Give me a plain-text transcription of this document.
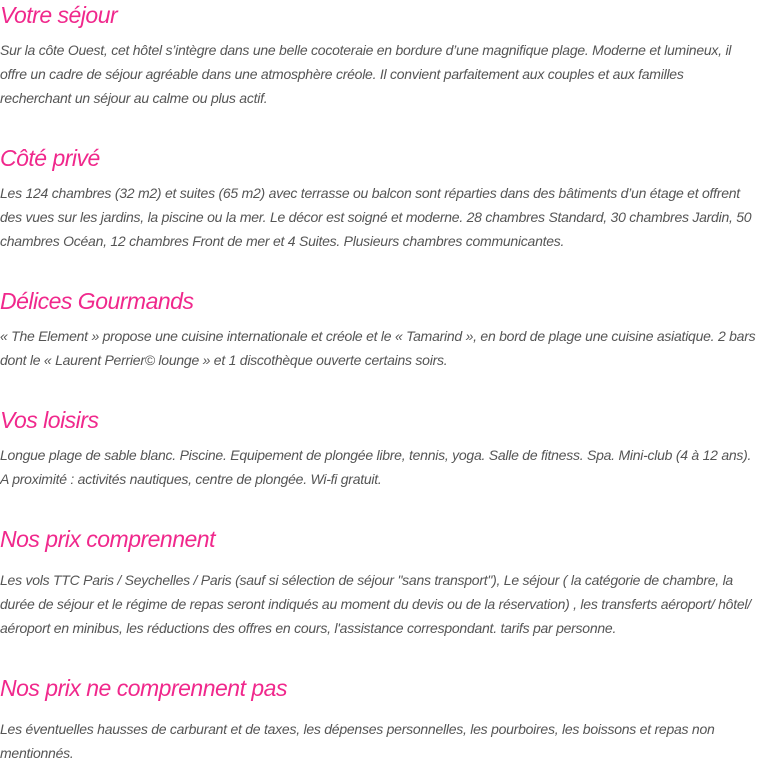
Votre séjour

Sur la côte Ouest, cet hôtel s’intègre dans une belle cocoteraie en bordure d’une magnifique plage. Moderne et lumineux, il offre un cadre de séjour agréable dans une atmosphère créole. Il convient parfaitement aux couples et aux familles recherchant un séjour au calme ou plus actif.

Côté privé

Les 124 chambres (32 m2) et suites (65 m2) avec terrasse ou balcon sont réparties dans des bâtiments d’un étage et offrent des vues sur les jardins, la piscine ou la mer. Le décor est soigné et moderne. 28 chambres Standard, 30 chambres Jardin, 50 chambres Océan, 12 chambres Front de mer et 4 Suites. Plusieurs chambres communicantes.

Délices Gourmands

« The Element » propose une cuisine internationale et créole et le « Tamarind », en bord de plage une cuisine asiatique. 2 bars dont le « Laurent Perrier© lounge » et 1 discothèque ouverte certains soirs.

Vos loisirs

Longue plage de sable blanc. Piscine. Equipement de plongée libre, tennis, yoga. Salle de fitness. Spa. Mini-club (4 à 12 ans). A proximité : activités nautiques, centre de plongée. Wi-fi gratuit.

Nos prix comprennent

Les vols TTC Paris / Seychelles / Paris (sauf si sélection de séjour "sans transport"), Le séjour ( la catégorie de chambre, la durée de séjour et le régime de repas seront indiqués au moment du devis ou de la réservation) , les transferts aéroport/ hôtel/ aéroport en minibus, les réductions des offres en cours, l'assistance correspondant. tarifs par personne.

Nos prix ne comprennent pas

Les éventuelles hausses de carburant et de taxes, les dépenses personnelles, les pourboires, les boissons et repas non mentionnés.
